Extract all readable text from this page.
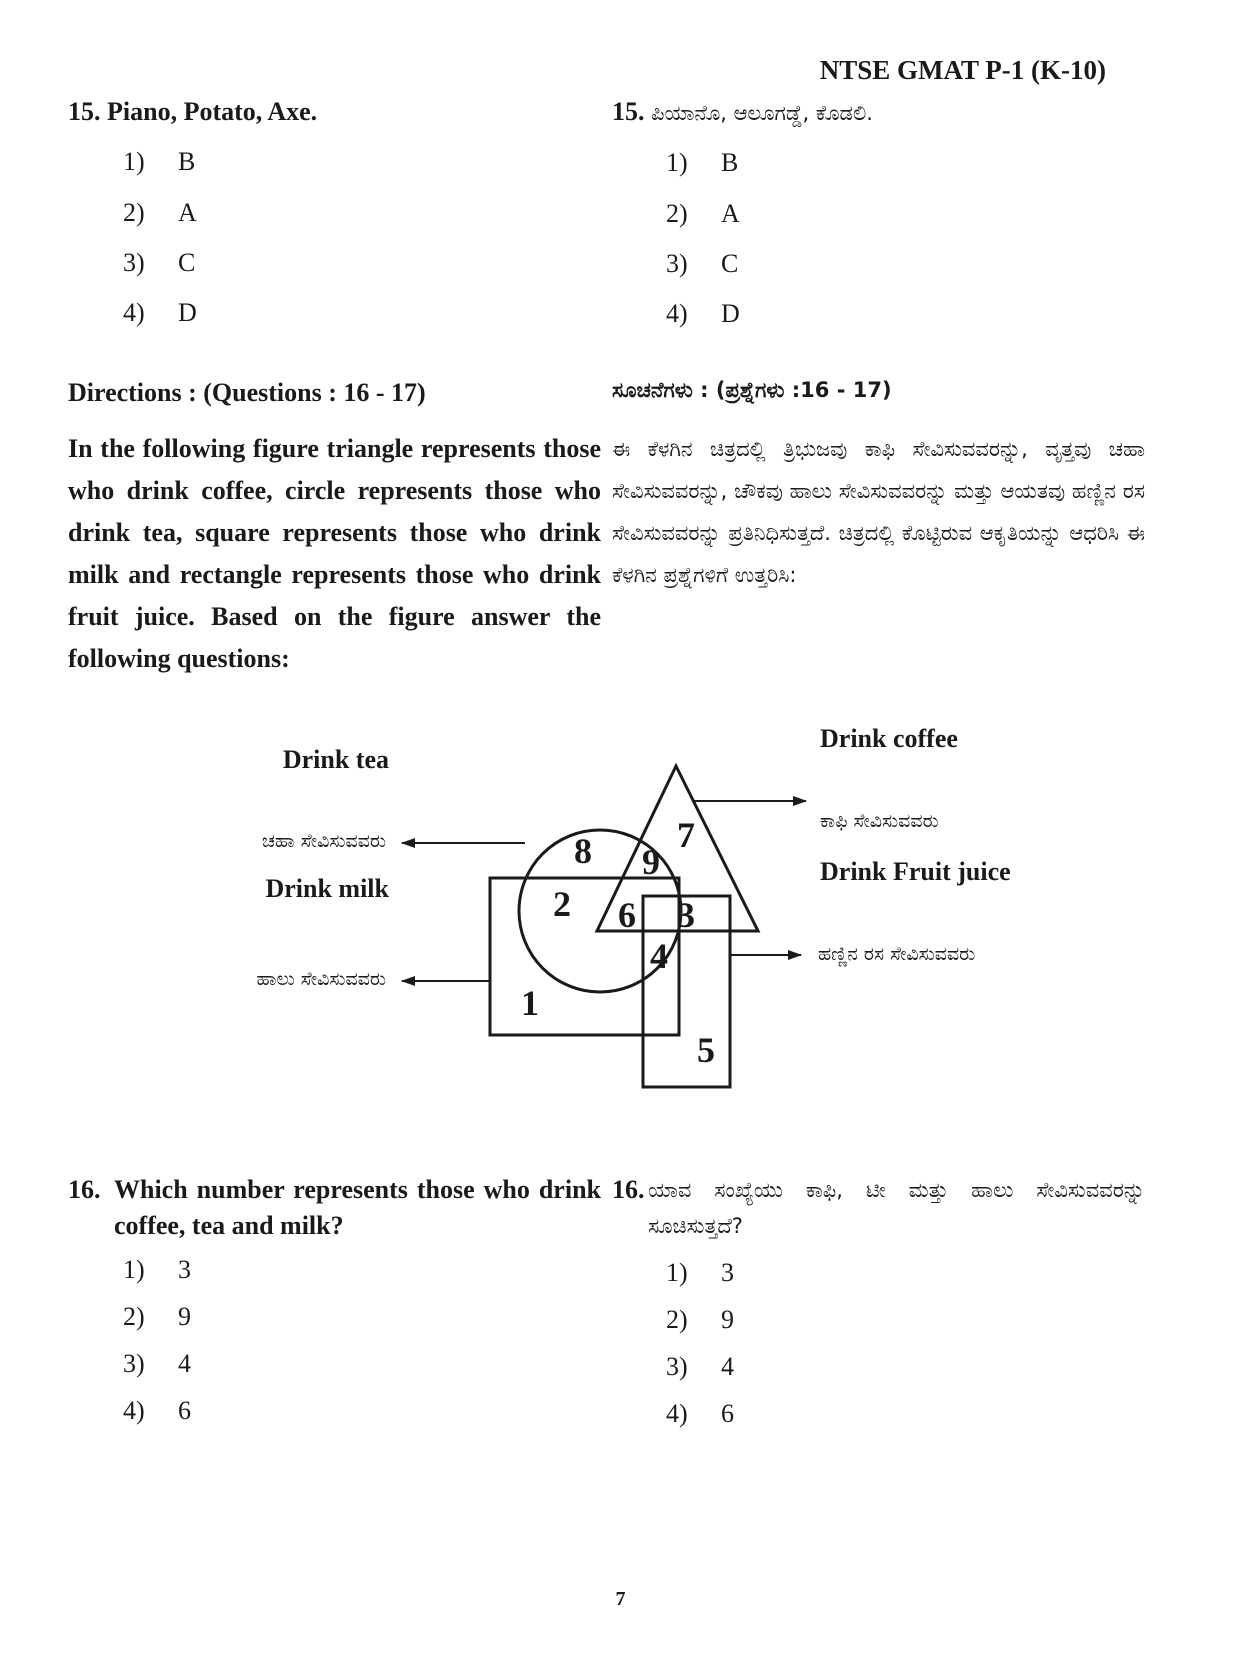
NTSE GMAT P-1 (K-10)
15. Piano, Potato, Axe.
1) B
2) A
3) C
4) D
15. ಪಿಯಾನೊ, ಆಲೂಗಡ್ಡೆ, ಕೊಡಲಿ.
1) B
2) A
3) C
4) D
Directions : (Questions : 16 - 17)	ಸೂಚನೆಗಳು : (ಪ್ರಶ್ನೆಗಳು :16 - 17)
In the following figure triangle represents those who drink coffee, circle represents those who drink tea, square represents those who drink milk and rectangle represents those who drink fruit juice. Based on the figure answer the following questions:
ಈ ಕೆಳಗಿನ ಚಿತ್ರದಲ್ಲಿ ತ್ರಿಭುಜವು ಕಾಫಿ ಸೇವಿಸುವವರನ್ನು, ವೃತ್ತವು ಚಹಾ ಸೇವಿಸುವವರನ್ನು, ಚೌಕವು ಹಾಲು ಸೇವಿಸುವವರನ್ನು ಮತ್ತು ಆಯತವು ಹಣ್ಣಿನ ರಸ ಸೇವಿಸುವವರನ್ನು ಪ್ರತಿನಿಧಿಸುತ್ತದೆ. ಚಿತ್ರದಲ್ಲಿ ಕೊಟ್ಟಿರುವ ಆಕೃತಿಯನ್ನು ಆಧರಿಸಿ ಈ ಕೆಳಗಿನ ಪ್ರಶ್ನೆಗಳಿಗೆ ಉತ್ತರಿಸಿ:
1
2	3
4
5
6
7
8 9
Drink tea
ಚಹಾ ಸೇವಿಸುವವರು
Drink milk
ಹಾಲು ಸೇವಿಸುವವರು
Drink coffee
ಕಾಫಿ ಸೇವಿಸುವವರು
Drink Fruit juice
ಹಣ್ಣಿನ ರಸ ಸೇವಿಸುವವರು
16. Which number represents those who drink coffee, tea and milk?
1) 3
2) 9
3) 4
4) 6
16. ಯಾವ ಸಂಖ್ಯೆಯು ಕಾಫಿ, ಟೀ ಮತ್ತು ಹಾಲು ಸೇವಿಸುವವರನ್ನು ಸೂಚಿಸುತ್ತದೆ?
1) 3
2) 9
3) 4
4) 6
7
